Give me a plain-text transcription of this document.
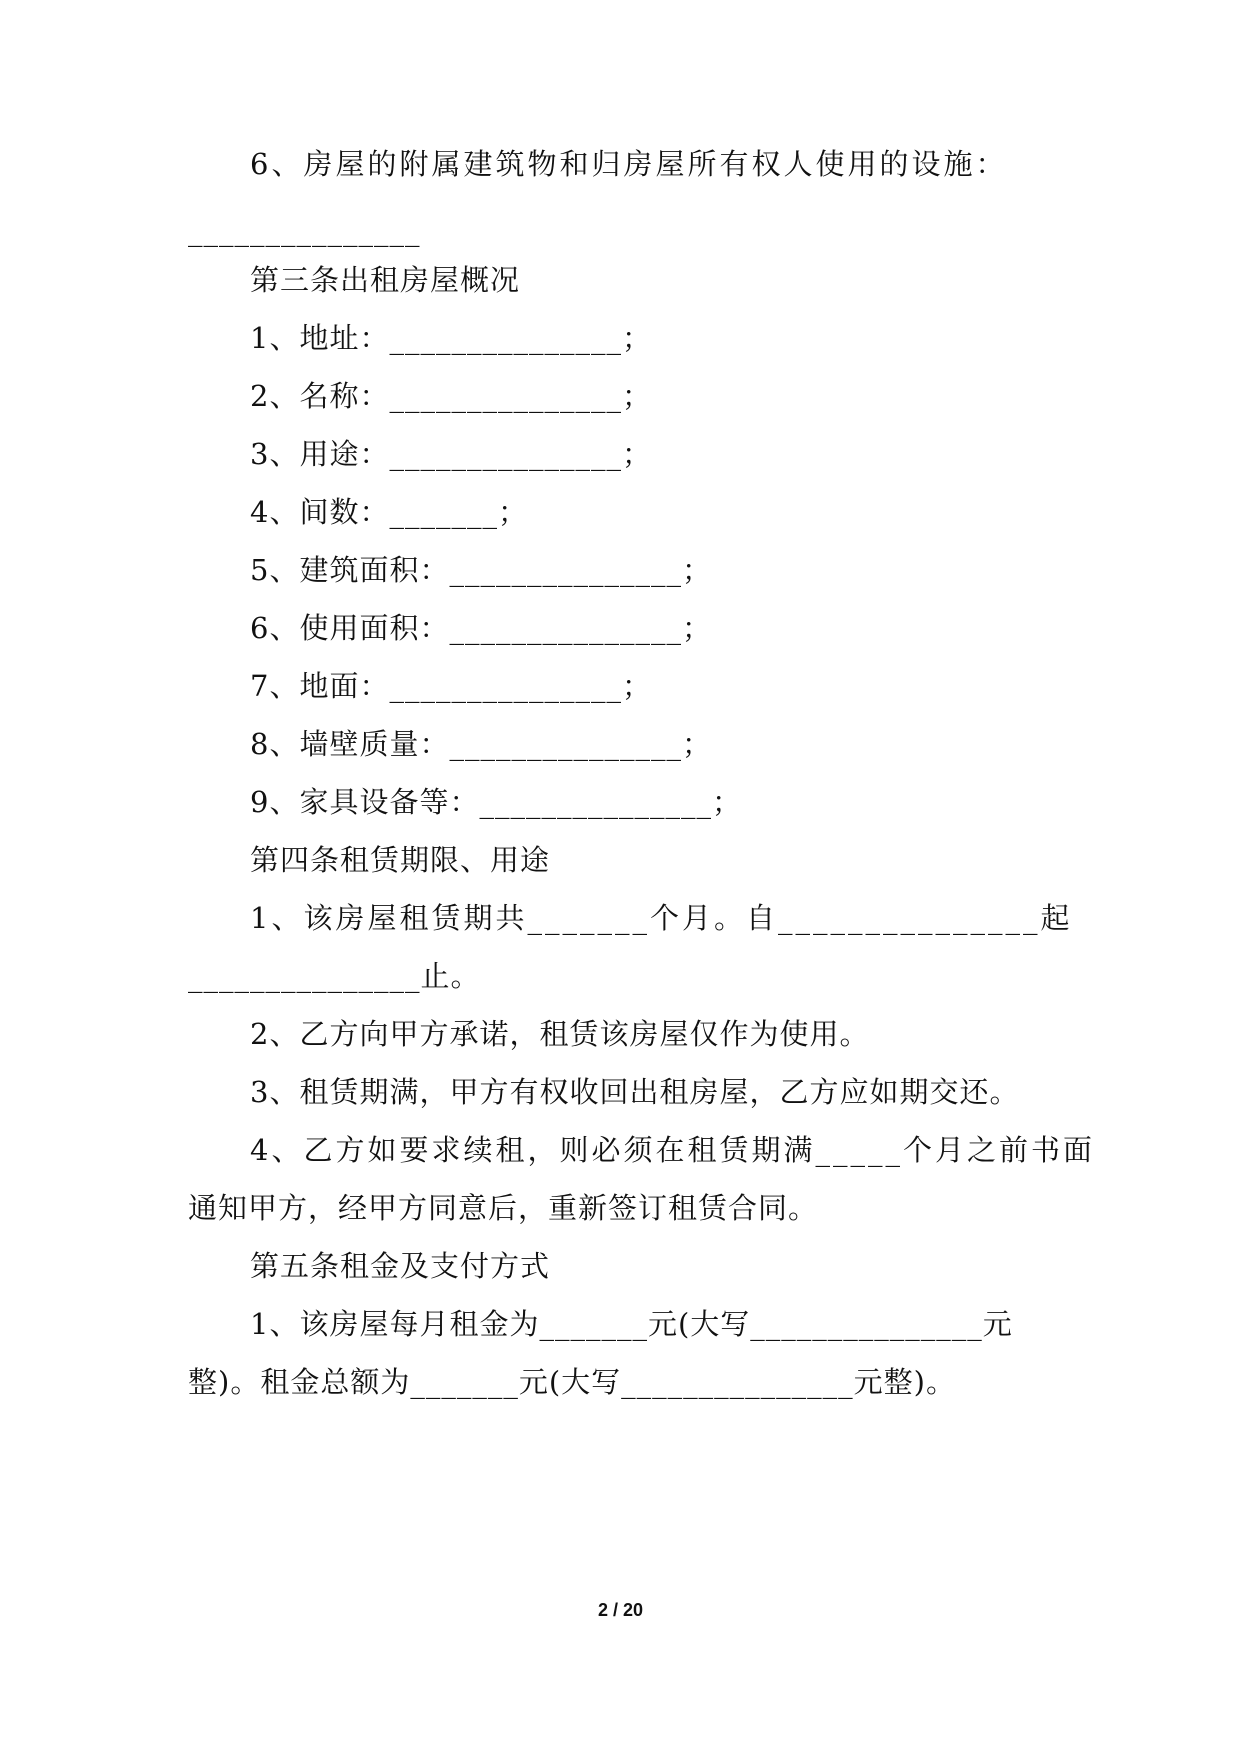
6、房屋的附属建筑物和归房屋所有权人使用的设施：
_______________
第三条出租房屋概况
1、地址：_______________；
2、名称：_______________；
3、用途：_______________；
4、间数：_______；
5、建筑面积：_______________；
6、使用面积：_______________；
7、地面：_______________；
8、墙壁质量：_______________；
9、家具设备等：_______________；
第四条租赁期限、用途
1、该房屋租赁期共_______个月。自_______________起
_______________止。
2、乙方向甲方承诺，租赁该房屋仅作为使用。
3、租赁期满，甲方有权收回出租房屋，乙方应如期交还。
4、乙方如要求续租，则必须在租赁期满_____个月之前书面
通知甲方，经甲方同意后，重新签订租赁合同。
第五条租金及支付方式
1、该房屋每月租金为_______元(大写_______________元
整)。租金总额为_______元(大写_______________元整)。
2 / 20
